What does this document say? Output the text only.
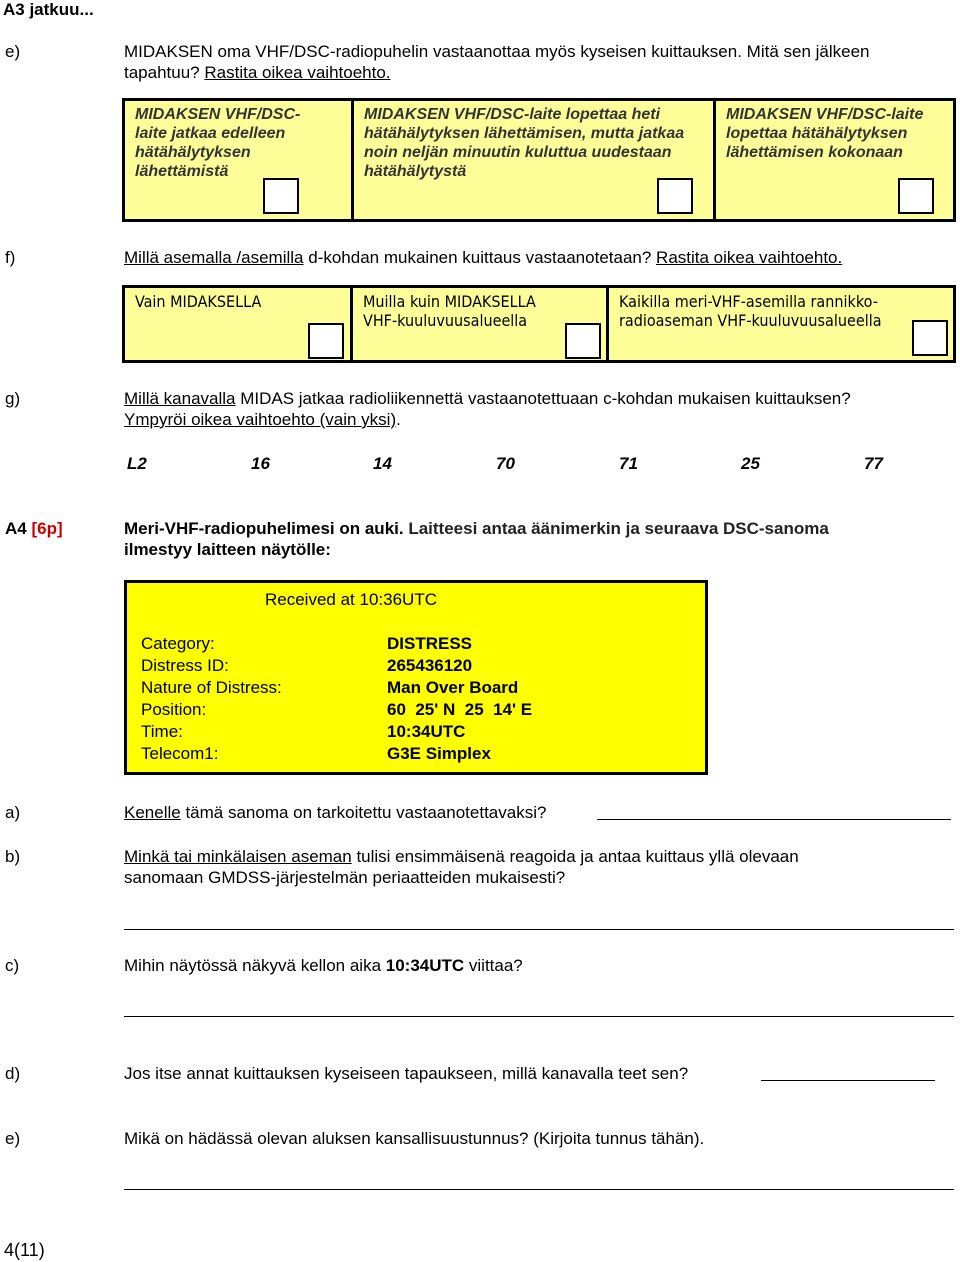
A3 jatkuu...
e)	MIDAKSEN oma VHF/DSC-radiopuhelin vastaanottaa myös kyseisen kuittauksen. Mitä sen jälkeen
tapahtuu? Rastita oikea vaihtoehto.
MIDAKSEN VHF/DSC-laite jatkaa edelleen hätähälytyksen lähettämistä
MIDAKSEN VHF/DSC-laite lopettaa heti hätähälytyksen lähettämisen, mutta jatkaa noin neljän minuutin kuluttua uudestaan hätähälytystä
MIDAKSEN VHF/DSC-laite lopettaa hätähälytyksen lähettämisen kokonaan
f)	Millä asemalla /asemilla d-kohdan mukainen kuittaus vastaanotetaan? Rastita oikea vaihtoehto.
Vain MIDAKSELLA	Muilla kuin MIDAKSELLA VHF-kuuluvuusalueella
Kaikilla meri-VHF-asemilla rannikko-radioaseman VHF-kuuluvuusalueella
g)	Millä kanavalla MIDAS jatkaa radioliikennettä vastaanotettuaan c-kohdan mukaisen kuittauksen?
Ympyröi oikea vaihtoehto (vain yksi).
L2	16	14	70	71	25	77
A4 [6p]	Meri-VHF-radiopuhelimesi on auki. Laitteesi antaa äänimerkin ja seuraava DSC-sanoma
ilmestyy laitteen näytölle:
Received at 10:36UTC
Category:	DISTRESS
Distress ID:	265436120
Nature of Distress:	Man Over Board
Position:	60  25' N  25  14' E
Time:	10:34UTC
Telecom1:	G3E Simplex
a)	Kenelle tämä sanoma on tarkoitettu vastaanotettavaksi?
b)	Minkä tai minkälaisen aseman tulisi ensimmäisenä reagoida ja antaa kuittaus yllä olevaan
sanomaan GMDSS-järjestelmän periaatteiden mukaisesti?
c)	Mihin näytössä näkyvä kellon aika 10:34UTC viittaa?
d)	Jos itse annat kuittauksen kyseiseen tapaukseen, millä kanavalla teet sen?
e)	Mikä on hädässä olevan aluksen kansallisuustunnus? (Kirjoita tunnus tähän).
4(11)
